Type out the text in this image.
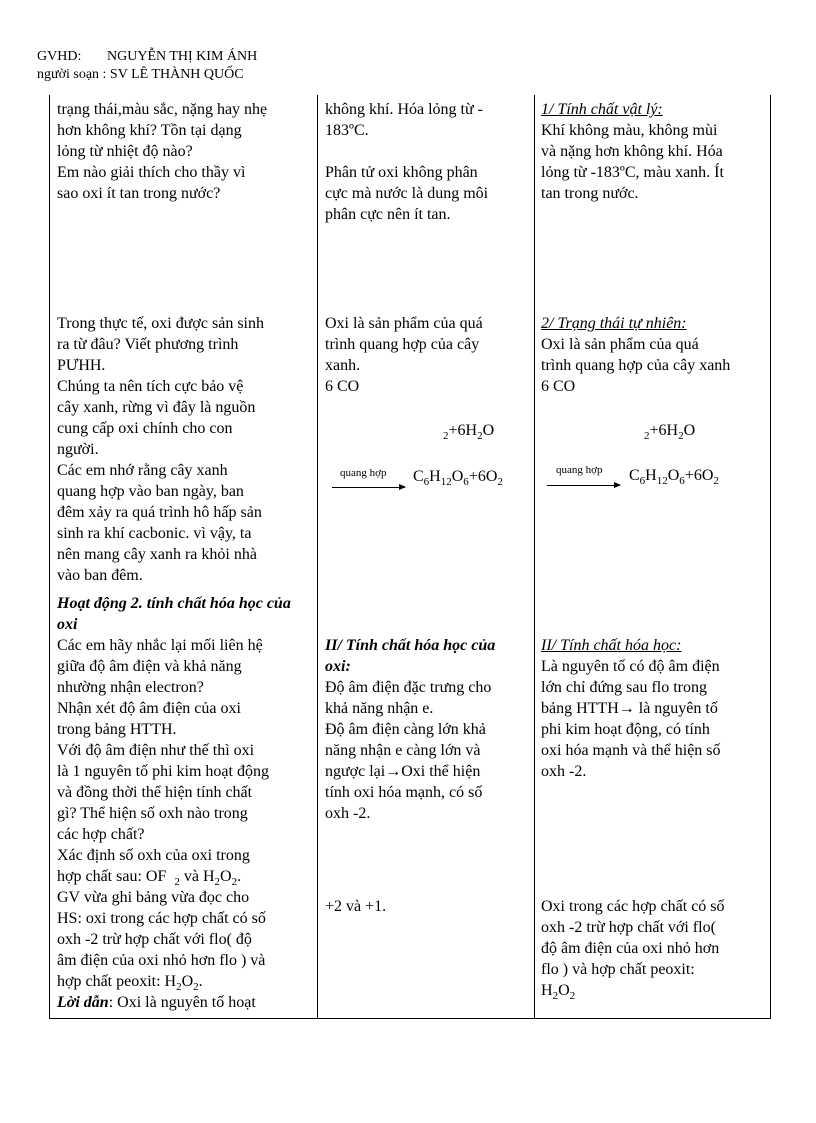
GVHD: NGUYỄN THỊ KIM ÁNH
người soạn : SV LÊ THÀNH QUỐC

trạng thái,màu sắc, nặng hay nhẹ

hơn không khí? Tồn tại dạng

lỏng từ nhiệt độ nào?

Em nào giải thích cho thầy vì

sao oxi ít tan trong nước?

không khí. Hóa lỏng từ -

183ºC.

Phân tử oxi không phân

cực mà nước là dung môi

phân cực nên ít tan.

1/ Tính chất vật lý:

Khí không màu, không mùi

và nặng hơn không khí. Hóa

lỏng từ -183ºC, màu xanh. Ít

tan trong nước.

Trong thực tế, oxi được sản sinh

ra từ đâu? Viết phương trình

PƯHH.

Chúng ta nên tích cực bảo vệ

cây xanh, rừng vì đây là nguồn

cung cấp oxi chính cho con

người.

Các em nhớ rằng cây xanh

quang hợp vào ban ngày, ban

đêm xảy ra quá trình hô hấp sản

sinh ra khí cacbonic. vì vậy, ta

nên mang cây xanh ra khỏi nhà

vào ban đêm.

Oxi là sản phẩm của quá

trình quang hợp của cây

xanh.

6 CO

2/ Trạng thái tự nhiên:

Oxi là sản phẩm của quá

trình quang hợp của cây xanh

6 CO

$_2+6H_2O$
quang hợp $C_6H_{12}O_6+6O_2$
$_2+6H_2O$
quang hợp $C_6H_{12}O_6+6O_2$
Hoạt động 2. tính chất hóa học của oxi

Các em hãy nhắc lại mối liên hệ

giữa độ âm điện và khả năng

nhường nhận electron?

Nhận xét độ âm điện của oxi

trong bảng HTTH.

Với độ âm điện như thế thì oxi

là 1 nguyên tố phi kim hoạt động

và đồng thời thể hiện tính chất

gì? Thể hiện số oxh nào trong

các hợp chất?

Xác định số oxh của oxi trong

hợp chất sau: OF $_2$ và $H_2O_2$.

GV vừa ghi bảng vừa đọc cho

HS: oxi trong các hợp chất có số

oxh -2 trừ hợp chất với flo( độ

âm điện của oxi nhỏ hơn flo ) và

hợp chất peoxit: $H_2O_2$.

Lời dẫn: Oxi là nguyên tố hoạt

II/ Tính chất hóa học của oxi:

Độ âm điện đặc trưng cho

khả năng nhận e.

Độ âm điện càng lớn khả

năng nhận e càng lớn và

ngược lại→Oxi thể hiện

tính oxi hóa mạnh, có số

oxh -2.

+2 và +1.

II/ Tính chất hóa học:

Là nguyên tố có độ âm điện

lớn chỉ đứng sau flo trong

bảng HTTH→ là nguyên tố

phi kim hoạt động, có tính

oxi hóa mạnh và thể hiện số

oxh -2.

Oxi trong các hợp chất có số

oxh -2 trừ hợp chất với flo(

độ âm điện của oxi nhỏ hơn

flo ) và hợp chất peoxit:

$H_2O_2$
